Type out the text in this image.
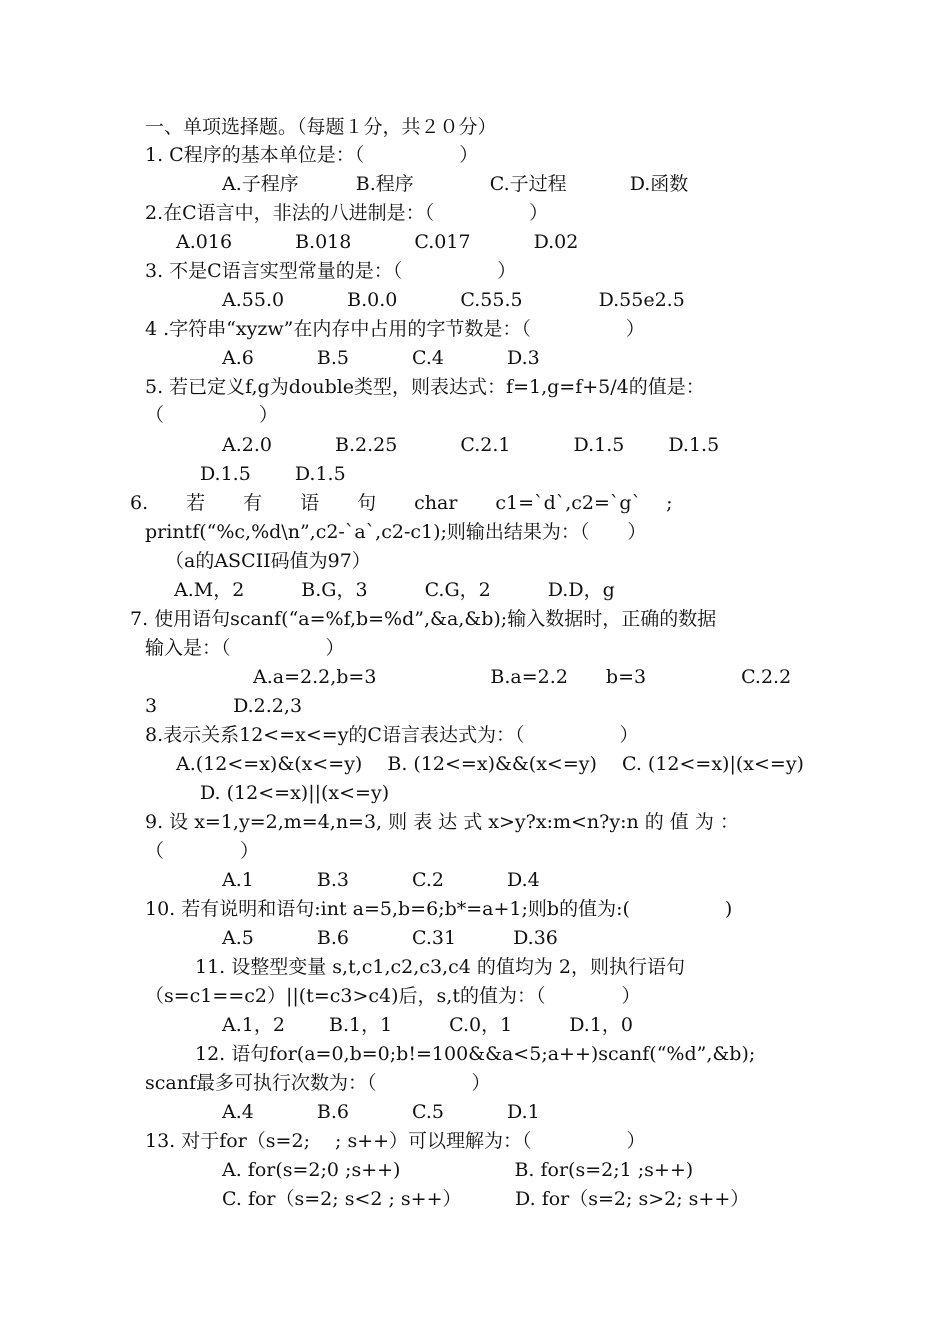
一、单项选择题。（每题１分，共２０分）
1. C程序的基本单位是：（　　　　　）
A.子程序　　　B.程序　　　　C.子过程　　　 D.函数
2.在C语言中，非法的八进制是：（　　　　　）
A.016　　　 B.018　　　 C.017　　　 D.02
3. 不是C语言实型常量的是：（　　　　　）
A.55.0　　　 B.0.0　　　 C.55.5　　　　D.55e2.5
4 .字符串“xyzw”在内存中占用的字节数是：（　　　　　）
A.6　　　 B.5　　　 C.4　　　 D.3
5. 若已定义f,g为double类型，则表达式：f=1,g=f+5/4的值是：
（　　　　　）
A.2.0　　　 B.2.25　　　 C.2.1　　　 D.1.5　　 D.1.5
D.1.5　　 D.1.5
6.　　若　　有　　语　　句　　char　　c1=`d`,c2=`g`　 ;
printf(“%c,%d\n”,c2-`a`,c2-c1);则输出结果为：（　　）
（a的ASCII码值为97）
A.M，2　　　B.G，3　　　C.G，2　　　D.D，g
7. 使用语句scanf(“a=%f,b=%d”,&a,&b);输入数据时，正确的数据
输入是：（　　　　　）
A.a=2.2,b=3　　　　　　B.a=2.2　　b=3　　　　　C.2.2
3　　　　D.2.2,3
8.表示关系12<=x<=y的C语言表达式为：（　　　　　）
A.(12<=x)&(x<=y)　 B. (12<=x)&&(x<=y)　 C. (12<=x)|(x<=y)
D. (12<=x)||(x<=y)
9. 设 x=1,y=2,m=4,n=3, 则 表 达 式 x>y?x:m<n?y:n 的 值 为 ：
（　　　　）
A.1　　　 B.3　　　 C.2　　　 D.4
10. 若有说明和语句:int a=5,b=6;b*=a+1;则b的值为:(　　　　　)
A.5　　　 B.6　　　 C.31　　　D.36
11. 设整型变量 s,t,c1,c2,c3,c4 的值均为 2，则执行语句
（s=c1==c2）||(t=c3>c4)后，s,t的值为：（　　　　）
A.1，2　　 B.1，1　　　C.0，1　　　D.1，0
12. 语句for(a=0,b=0;b!=100&&a<5;a++)scanf(“%d”,&b);
scanf最多可执行次数为：（　　　　　）
A.4　　　 B.6　　　 C.5　　　 D.1
13. 对于for（s=2;　 ; s++）可以理解为：（　　　　　）
A. for(s=2;0 ;s++)　　　　　　B. for(s=2;1 ;s++)
C. for（s=2; s<2 ; s++）　　　 D. for（s=2; s>2; s++）
